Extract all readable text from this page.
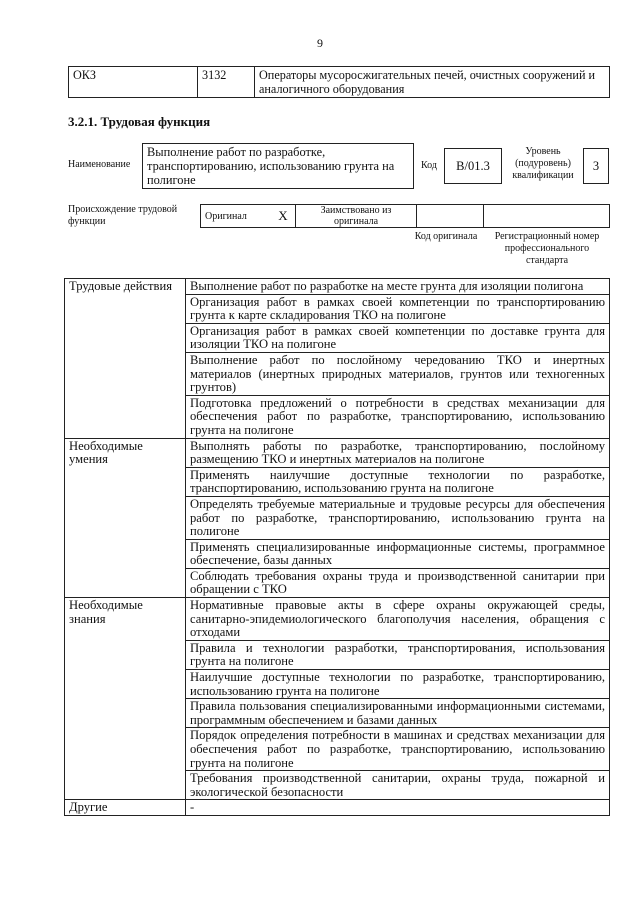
9
ОКЗ	3132	Операторы мусоросжигательных печей, очистных сооружений и аналогичного оборудования
3.2.1. Трудовая функция
Наименование
Выполнение работ по разработке, транспортированию, использованию грунта на полигоне
Код	B/01.3
Уровень (подуровень) квалификации
3
Происхождение трудовой функции	Оригинал	X	Заимствовано из оригинала		
Код оригинала	Регистрационный номер профессионального стандарта
Трудовые действия	Выполнение работ по разработке на месте грунта для изоляции полигона
	Организация работ в рамках своей компетенции по транспортированию грунта к карте складирования ТКО на полигоне
	Организация работ в рамках своей компетенции по доставке грунта для изоляции ТКО на полигоне
	Выполнение работ по послойному чередованию ТКО и инертных материалов (инертных природных материалов, грунтов или техногенных грунтов)
	Подготовка предложений о потребности в средствах механизации для обеспечения работ по разработке, транспортированию, использованию грунта на полигоне
Необходимые умения	Выполнять работы по разработке, транспортированию, послойному размещению ТКО и инертных материалов на полигоне
	Применять наилучшие доступные технологии по разработке, транспортированию, использованию грунта на полигоне
	Определять требуемые материальные и трудовые ресурсы для обеспечения работ по разработке, транспортированию, использованию грунта на полигоне
	Применять специализированные информационные системы, программное обеспечение, базы данных
	Соблюдать требования охраны труда и производственной санитарии при обращении с ТКО
Необходимые знания	Нормативные правовые акты в сфере охраны окружающей среды, санитарно-эпидемиологического благополучия населения, обращения с отходами
	Правила и технологии разработки, транспортирования, использования грунта на полигоне
	Наилучшие доступные технологии по разработке, транспортированию, использованию грунта на полигоне
	Правила пользования специализированными информационными системами, программным обеспечением и базами данных
	Порядок определения потребности в машинах и средствах механизации для обеспечения работ по разработке, транспортированию, использованию грунта на полигоне
	Требования производственной санитарии, охраны труда, пожарной и экологической безопасности
Другие	-
